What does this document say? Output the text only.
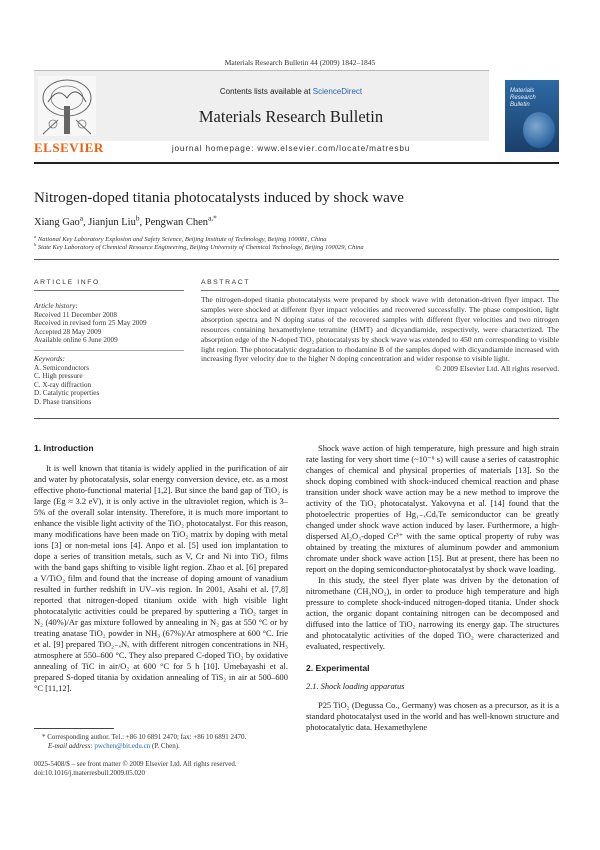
Materials Research Bulletin 44 (2009) 1842–1845
ELSEVIER
Contents lists available at ScienceDirect
Materials Research Bulletin
journal homepage: www.elsevier.com/locate/matresbu
Materials Research Bulletin
Nitrogen-doped titania photocatalysts induced by shock wave
Xiang Gao$^a$, Jianjun Liu$^b$, Pengwan Chen$^{a,*}$
$^a$ National Key Laboratory Explosion and Safety Science, Beijing Institute of Technology, Beijing 100081, China
$^b$ State Key Laboratory of Chemical Resource Engineering, Beijing University of Chemical Technology, Beijing 100029, China
ARTICLE INFO	ABSTRACT
Article history:
Received 11 December 2008
Received in revised form 25 May 2009
Accepted 28 May 2009
Available online 6 June 2009
Keywords:
A. Semiconductors
C. High pressure
C. X-ray diffraction
D. Catalytic properties
D. Phase transitions
The nitrogen-doped titania photocatalysts were prepared by shock wave with detonation-driven flyer impact. The samples were shocked at different flyer impact velocities and recovered successfully. The phase composition, light absorption spectra and N doping status of the recovered samples with different flyer velocities and two nitrogen resources containing hexamethylene tetramine (HMT) and dicyandiamide, respectively, were characterized. The absorption edge of the N-doped TiO₂ photocatalysts by shock wave was extended to 450 nm corresponding to visible light region. The photocatalytic degradation to rhodamine B of the samples doped with dicyandiamide increased with increasing flyer velocity due to the higher N doping concentration and wider response to visible light.
© 2009 Elsevier Ltd. All rights reserved.
1. Introduction

It is well known that titania is widely applied in the purification of air and water by photocatalysis, solar energy conversion device, etc. as a most effective photo-functional material [1,2]. But since the band gap of TiO₂ is large (Eg ≈ 3.2 eV), it is only active in the ultraviolet region, which is 3–5% of the overall solar intensity. Therefore, it is much more important to enhance the visible light activity of the TiO₂ photocatalyst. For this reason, many modifications have been made on TiO₂ matrix by doping with metal ions [3] or non-metal ions [4]. Anpo et al. [5] used ion implantation to dope a series of transition metals, such as V, Cr and Ni into TiO₂ films with the band gaps shifting to visible light region. Zhao et al. [6] prepared a V/TiO₂ film and found that the increase of doping amount of vanadium resulted in further redshift in UV–vis region. In 2001, Asahi et al. [7,8] reported that nitrogen-doped titanium oxide with high visible light photocatalytic activities could be prepared by sputtering a TiO₂ target in N₂ (40%)/Ar gas mixture followed by annealing in N₂ gas at 550 °C or by treating anatase TiO₂ powder in NH₃ (67%)/Ar atmosphere at 600 °C. Irie et al. [9] prepared TiO₂₋ₓNₓ with different nitrogen concentrations in NH₃ atmosphere at 550–600 °C. They also prepared C-doped TiO₂ by oxidative annealing of TiC in air/O₂ at 600 °C for 5 h [10]. Umebayashi et al. prepared S-doped titania by oxidation annealing of TiS₂ in air at 500–600 °C [11,12].

Shock wave action of high temperature, high pressure and high strain rate lasting for very short time (~10⁻⁶ s) will cause a series of catastrophic changes of chemical and physical properties of materials [13]. So the shock doping combined with shock-induced chemical reaction and phase transition under shock wave action may be a new method to improve the activity of the TiO₂ photocatalyst. Yakovyna et al. [14] found that the photoelectric properties of Hg₁₋ₓCdₓTe semiconductor can be greatly changed under shock wave action induced by laser. Furthermore, a high-dispersed Al₂O₃-doped Cr³⁺ with the same optical property of ruby was obtained by treating the mixtures of aluminum powder and ammonium chromate under shock wave action [15]. But at present, there has been no report on the doping semiconductor-photocatalyst by shock wave loading.

In this study, the steel flyer plate was driven by the detonation of nitromethane (CH₃NO₂), in order to produce high temperature and high pressure to complete shock-induced nitrogen-doped titania. Under shock action, the organic dopant containing nitrogen can be decomposed and diffused into the lattice of TiO₂ narrowing its energy gap. The structures and photocatalytic activities of the doped TiO₂ were characterized and evaluated, respectively.

2. Experimental
2.1. Shock loading apparatus

P25 TiO₂ (Degussa Co., Germany) was chosen as a precursor, as it is a standard photocatalyst used in the world and has well-known structure and photocatalytic data. Hexamethylene

* Corresponding author. Tel.: +86 10 6891 2470; fax: +86 10 6891 2470.
E-mail address: pwchen@bit.edu.cn (P. Chen).
0025-5408/$ – see front matter © 2009 Elsevier Ltd. All rights reserved.
doi:10.1016/j.materresbull.2009.05.020
